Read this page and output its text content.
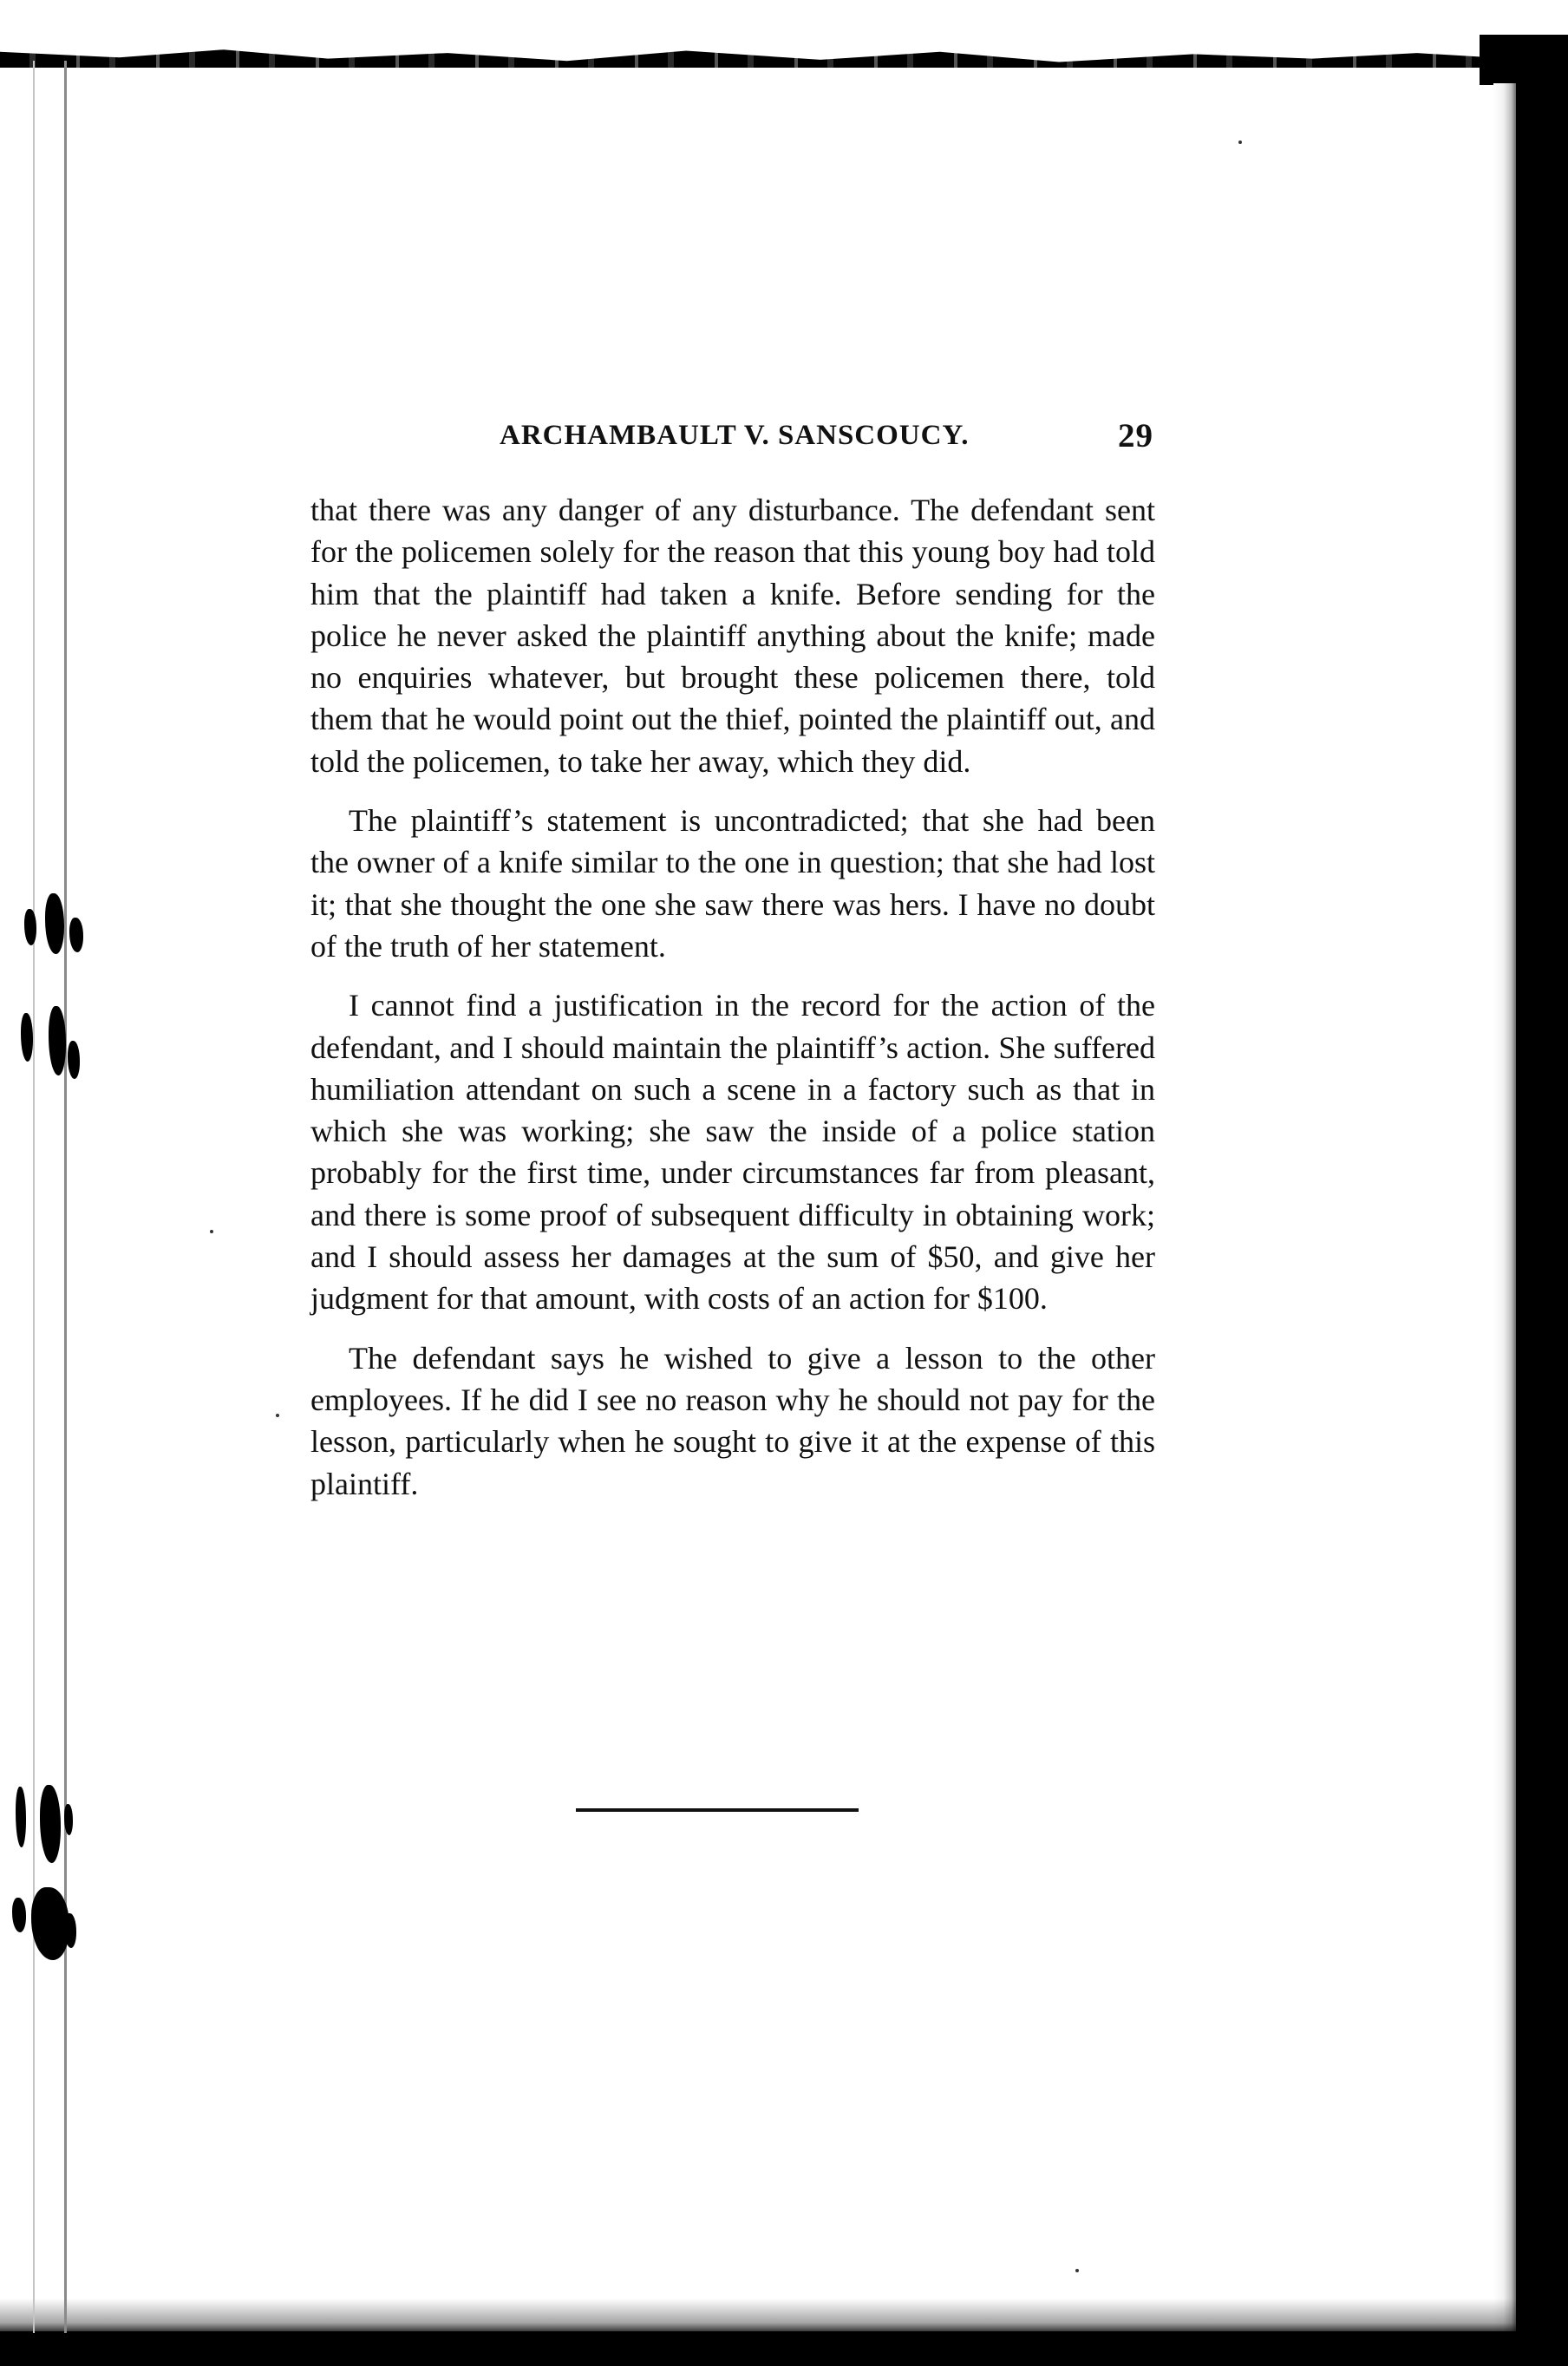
ARCHAMBAULT V. SANSCOUCY.	29

that there was any danger of any disturbance. The defendant sent for the policemen solely for the reason that this young boy had told him that the plaintiff had taken a knife. Before sending for the police he never asked the plaintiff anything about the knife; made no enquiries whatever, but brought these policemen there, told them that he would point out the thief, pointed the plaintiff out, and told the policemen, to take her away, which they did.

The plaintiff’s statement is uncontradicted; that she had been the owner of a knife similar to the one in question; that she had lost it; that she thought the one she saw there was hers. I have no doubt of the truth of her statement.

I cannot find a justification in the record for the action of the defendant, and I should maintain the plaintiff’s action. She suffered humiliation attendant on such a scene in a factory such as that in which she was working; she saw the inside of a police station probably for the first time, under circumstances far from pleasant, and there is some proof of subsequent difficulty in obtaining work; and I should assess her damages at the sum of $50, and give her judgment for that amount, with costs of an action for $100.

The defendant says he wished to give a lesson to the other employees. If he did I see no reason why he should not pay for the lesson, particularly when he sought to give it at the expense of this plaintiff.
